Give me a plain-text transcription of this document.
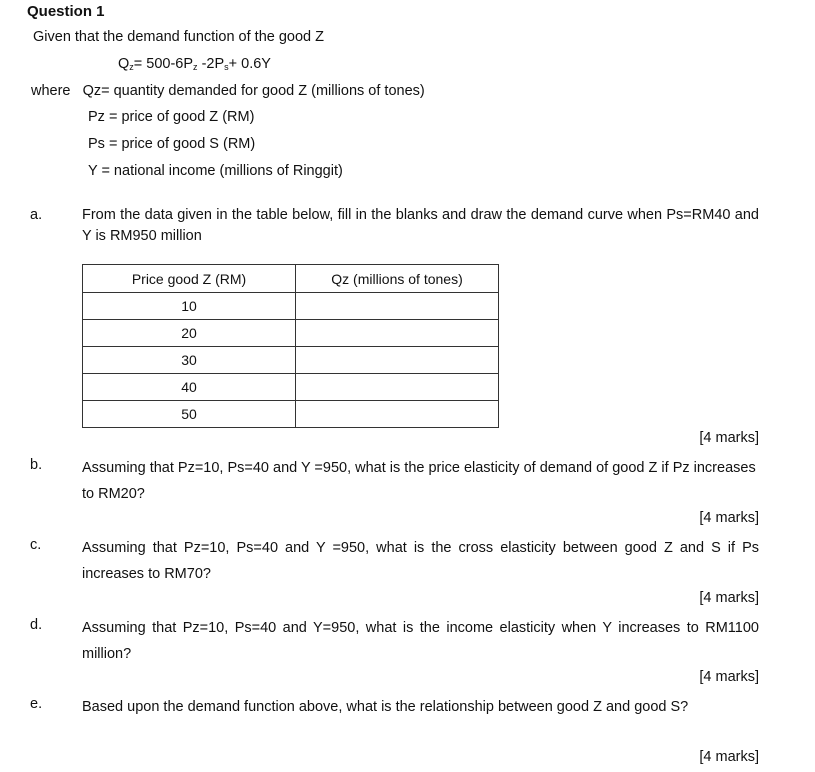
Question 1
Given that the demand function of the good Z
$Q_z= 500-6P_z$ $-2P_s+ 0.6Y$
where Qz= quantity demanded for good Z (millions of tones)
Pz = price of good Z (RM)
Ps = price of good S (RM)
Y = national income (millions of Ringgit)
a.	From the data given in the table below, fill in the blanks and draw the demand curve when Ps=RM40 and Y is RM950 million
Price good Z (RM)	Qz (millions of tones)
10	
20	
30	
40	
50	
[4 marks]
b.	Assuming that Pz=10, Ps=40 and Y =950, what is the price elasticity of demand of good Z if Pz increases to RM20?
[4 marks]
c.	Assuming that Pz=10, Ps=40 and Y =950, what is the cross elasticity between good Z and S if Ps increases to RM70?
[4 marks]
d.	Assuming that Pz=10, Ps=40 and Y=950, what is the income elasticity when Y increases to RM1100 million?
[4 marks]
e.	Based upon the demand function above, what is the relationship between good Z and good S?
[4 marks]
